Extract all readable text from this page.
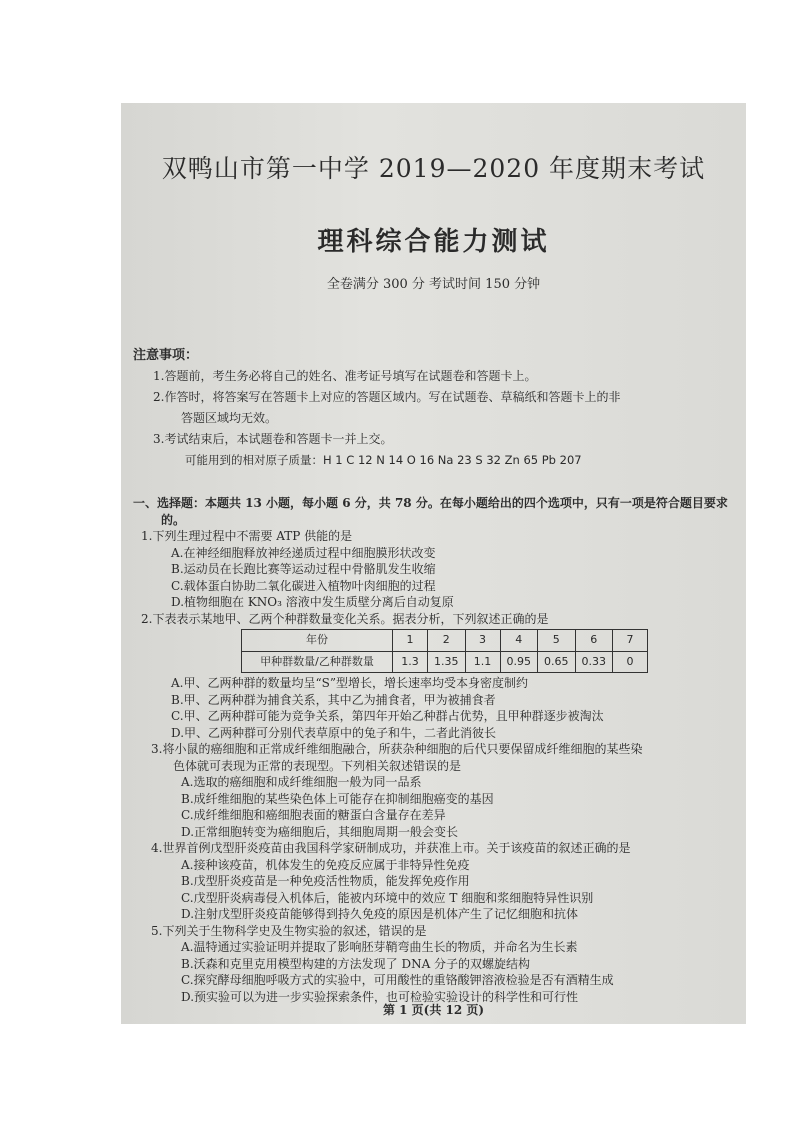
双鸭山市第一中学 2019—2020 年度期末考试
理科综合能力测试
全卷满分 300 分 考试时间 150 分钟

注意事项：

1.答题前，考生务必将自己的姓名、准考证号填写在试题卷和答题卡上。

2.作答时，将答案写在答题卡上对应的答题区域内。写在试题卷、草稿纸和答题卡上的非

答题区域均无效。

3.考试结束后，本试题卷和答题卡一并上交。

可能用到的相对原子质量：H 1 C 12 N 14 O 16 Na 23 S 32 Zn 65 Pb 207

一、选择题：本题共 13 小题，每小题 6 分，共 78 分。在每小题给出的四个选项中，只有一项是符合题目要求的。

1.下列生理过程中不需要 ATP 供能的是

A.在神经细胞释放神经递质过程中细胞膜形状改变

B.运动员在长跑比赛等运动过程中骨骼肌发生收缩

C.载体蛋白协助二氧化碳进入植物叶肉细胞的过程

D.植物细胞在 KNO₃ 溶液中发生质壁分离后自动复原

2.下表表示某地甲、乙两个种群数量变化关系。据表分析，下列叙述正确的是

年份	1	2	3	4	5	6	7
甲种群数量/乙种群数量	1.3	1.35	1.1	0.95	0.65	0.33	0

A.甲、乙两种群的数量均呈“S”型增长，增长速率均受本身密度制约

B.甲、乙两种群为捕食关系，其中乙为捕食者，甲为被捕食者

C.甲、乙两种群可能为竞争关系，第四年开始乙种群占优势，且甲种群逐步被淘汰

D.甲、乙两种群可分别代表草原中的兔子和牛，二者此消彼长

3.将小鼠的癌细胞和正常成纤维细胞融合，所获杂种细胞的后代只要保留成纤维细胞的某些染

色体就可表现为正常的表现型。下列相关叙述错误的是

A.选取的癌细胞和成纤维细胞一般为同一品系

B.成纤维细胞的某些染色体上可能存在抑制细胞癌变的基因

C.成纤维细胞和癌细胞表面的糖蛋白含量存在差异

D.正常细胞转变为癌细胞后，其细胞周期一般会变长

4.世界首例戊型肝炎疫苗由我国科学家研制成功，并获准上市。关于该疫苗的叙述正确的是

A.接种该疫苗，机体发生的免疫反应属于非特异性免疫

B.戊型肝炎疫苗是一种免疫活性物质，能发挥免疫作用

C.戊型肝炎病毒侵入机体后，能被内环境中的效应 T 细胞和浆细胞特异性识别

D.注射戊型肝炎疫苗能够得到持久免疫的原因是机体产生了记忆细胞和抗体

5.下列关于生物科学史及生物实验的叙述，错误的是

A.温特通过实验证明并提取了影响胚芽鞘弯曲生长的物质，并命名为生长素

B.沃森和克里克用模型构建的方法发现了 DNA 分子的双螺旋结构

C.探究酵母细胞呼吸方式的实验中，可用酸性的重铬酸钾溶液检验是否有酒精生成

D.预实验可以为进一步实验探索条件，也可检验实验设计的科学性和可行性

第 1 页(共 12 页)
